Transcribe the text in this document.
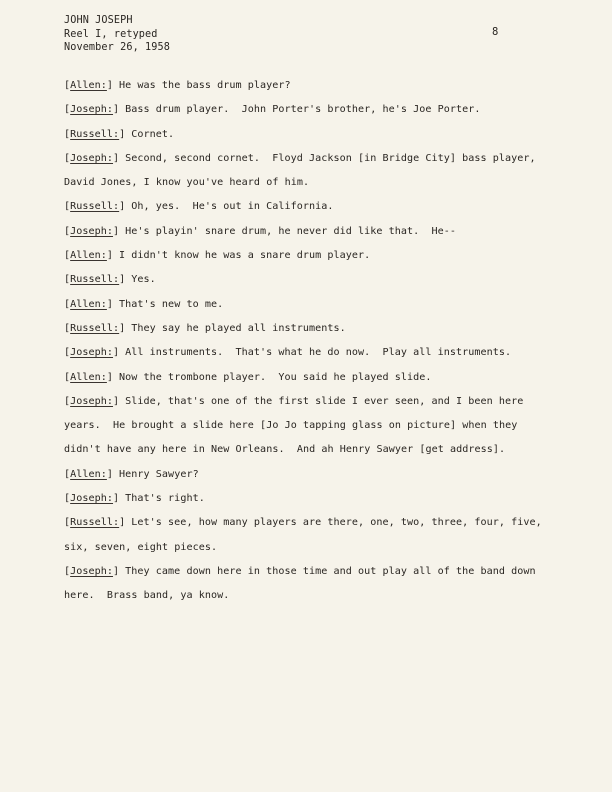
JOHN JOSEPH
Reel I, retyped
November 26, 1958
8
[Allen:] He was the bass drum player?
[Joseph:] Bass drum player.  John Porter's brother, he's Joe Porter.
[Russell:] Cornet.
[Joseph:] Second, second cornet.  Floyd Jackson [in Bridge City] bass player,
David Jones, I know you've heard of him.
[Russell:] Oh, yes.  He's out in California.
[Joseph:] He's playin' snare drum, he never did like that.  He--
[Allen:] I didn't know he was a snare drum player.
[Russell:] Yes.
[Allen:] That's new to me.
[Russell:] They say he played all instruments.
[Joseph:] All instruments.  That's what he do now.  Play all instruments.
[Allen:] Now the trombone player.  You said he played slide.
[Joseph:] Slide, that's one of the first slide I ever seen, and I been here
years.  He brought a slide here [Jo Jo tapping glass on picture] when they
didn't have any here in New Orleans.  And ah Henry Sawyer [get address].
[Allen:] Henry Sawyer?
[Joseph:] That's right.
[Russell:] Let's see, how many players are there, one, two, three, four, five,
six, seven, eight pieces.
[Joseph:] They came down here in those time and out play all of the band down
here.  Brass band, ya know.
